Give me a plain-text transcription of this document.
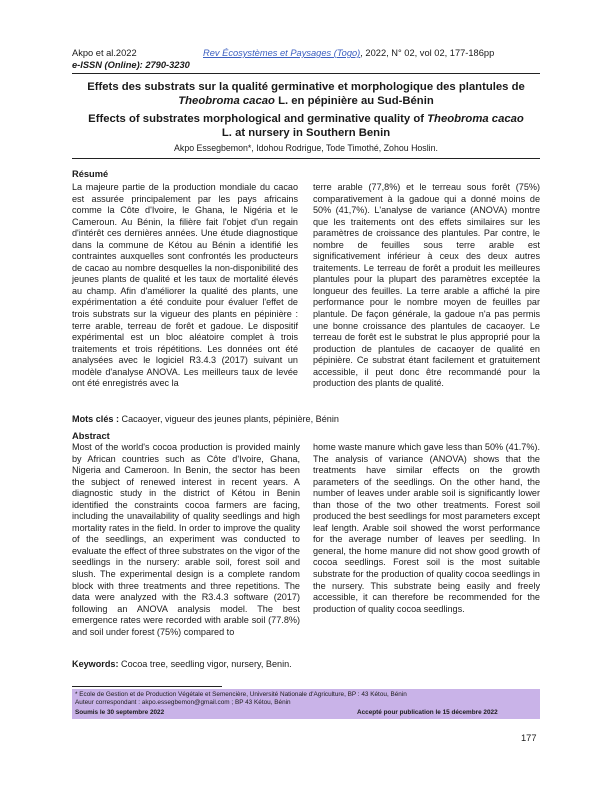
Akpo et al.2022	Rev Écosystèmes et Paysages (Togo), 2022, N° 02, vol 02, 177-186pp
e-ISSN (Online): 2790-3230
Effets des substrats sur la qualité germinative et morphologique des plantules de
Theobroma cacao L. en pépinière au Sud-Bénin
Effects of substrates morphological and germinative quality of Theobroma cacao
L. at nursery in Southern Benin
Akpo Essegbemon*, Idohou Rodrigue, Tode Timothé, Zohou Hoslin.
Résumé

La majeure partie de la production mondiale du cacao est assurée principalement par les pays africains comme la Côte d'Ivoire, le Ghana, le Nigéria et le Cameroun. Au Bénin, la filière fait l'objet d'un regain d'intérêt ces dernières années. Une étude diagnostique dans la commune de Kétou au Bénin a identifié les contraintes auxquelles sont confrontés les producteurs de cacao au nombre desquelles la non-disponibilité des jeunes plants de qualité et les taux de mortalité élevés au champ. Afin d'améliorer la qualité des plants, une expérimentation a été conduite pour évaluer l'effet de trois substrats sur la vigueur des plants en pépinière : terre arable, terreau de forêt et gadoue. Le dispositif expérimental est un bloc aléatoire complet à trois traitements et trois répétitions. Les données ont été analysées avec le logiciel R3.4.3 (2017) suivant un modèle d'analyse ANOVA. Les meilleurs taux de levée ont été enregistrés avec la

terre arable (77,8%) et le terreau sous forêt (75%) comparativement à la gadoue qui a donné moins de 50% (41,7%). L'analyse de variance (ANOVA) montre que les traitements ont des effets similaires sur les paramètres de croissance des plantules. Par contre, le nombre de feuilles sous terre arable est significativement inférieur à ceux des deux autres traitements. Le terreau de forêt a produit les meilleures plantules pour la plupart des paramètres exceptée la longueur des feuilles. La terre arable a affiché la pire performance pour le nombre moyen de feuilles par plantule. De façon générale, la gadoue n'a pas permis une bonne croissance des plantules de cacaoyer. Le terreau de forêt est le substrat le plus approprié pour la production de plantules de cacaoyer de qualité en pépinière. Ce substrat étant facilement et gratuitement accessible, il peut donc être recommandé pour la production des plants de qualité.

Mots clés : Cacaoyer, vigueur des jeunes plants, pépinière, Bénin
Abstract

Most of the world's cocoa production is provided mainly by African countries such as Côte d'Ivoire, Ghana, Nigeria and Cameroon. In Benin, the sector has been the subject of renewed interest in recent years. A diagnostic study in the district of Kétou in Benin identified the constraints cocoa farmers are facing, including the unavailability of quality seedlings and high mortality rates in the field. In order to improve the quality of the seedlings, an experiment was conducted to evaluate the effect of three substrates on the vigor of the seedlings in the nursery: arable soil, forest soil and slush. The experimental design is a complete random block with three treatments and three repetitions. The data were analyzed with the R3.4.3 software (2017) following an ANOVA analysis model. The best emergence rates were recorded with arable soil (77.8%) and soil under forest (75%) compared to

home waste manure which gave less than 50% (41.7%). The analysis of variance (ANOVA) shows that the treatments have similar effects on the growth parameters of the seedlings. On the other hand, the number of leaves under arable soil is significantly lower than those of the two other treatments. Forest soil produced the best seedlings for most parameters except leaf length. Arable soil showed the worst performance for the average number of leaves per seedling. In general, the home manure did not show good growth of cocoa seedlings. Forest soil is the most suitable substrate for the production of quality cocoa seedlings in the nursery. This substrate being easily and freely accessible, it can therefore be recommended for the production of quality cocoa seedlings.

Keywords: Cocoa tree, seedling vigor, nursery, Benin.
* Ecole de Gestion et de Production Végétale et Semencière, Université Nationale d'Agriculture, BP : 43 Kétou, Bénin
Auteur correspondant : akpo.essegbemon@gmail.com ; BP 43 Kétou, Bénin
Soumis le 30 septembre 2022	Accepté pour publication le 15 décembre 2022
177
